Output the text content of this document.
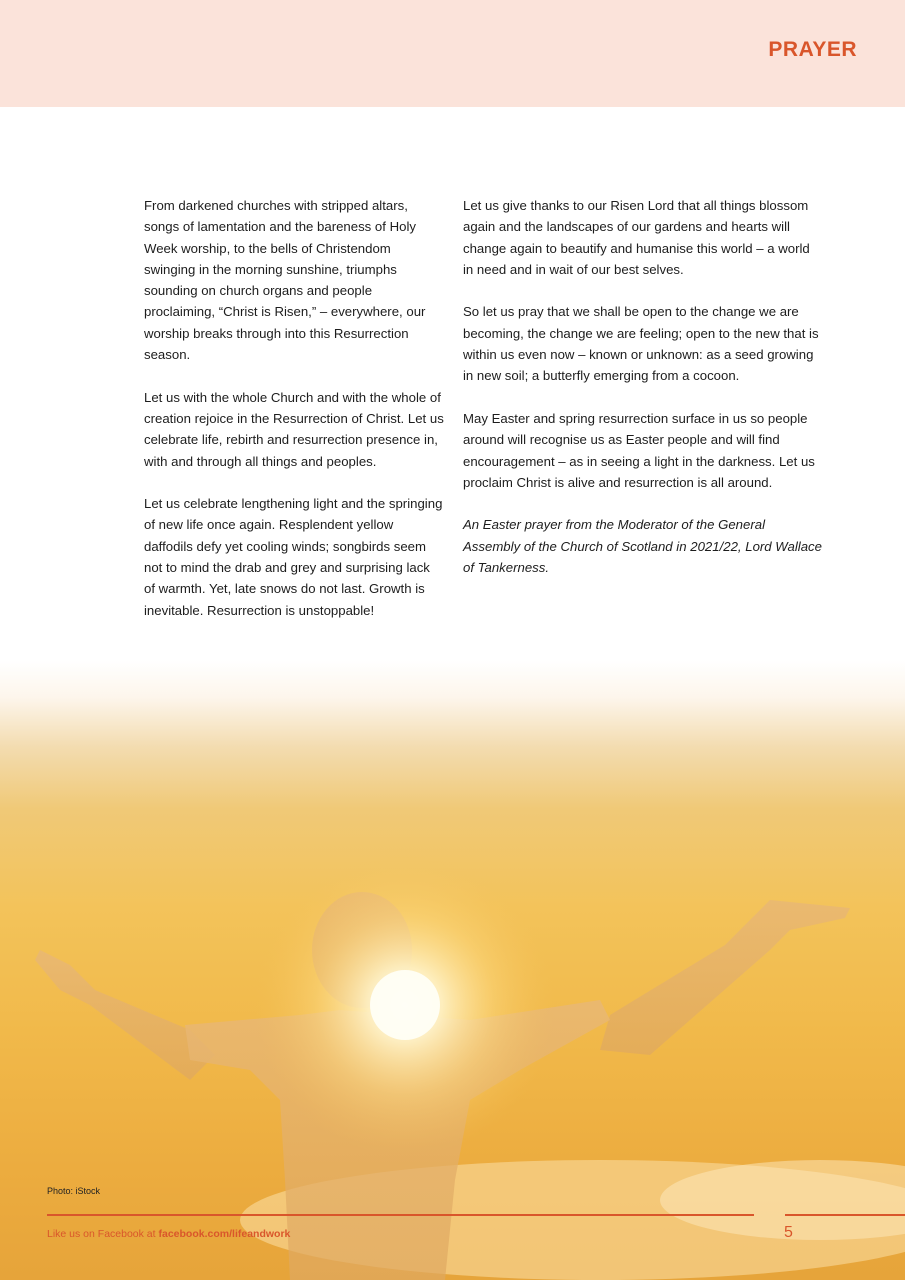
PRAYER

From darkened churches with stripped altars, songs of lamentation and the bareness of Holy Week worship, to the bells of Christendom swinging in the morning sunshine, triumphs sounding on church organs and people proclaiming, “Christ is Risen,” – everywhere, our worship breaks through into this Resurrection season.

Let us with the whole Church and with the whole of creation rejoice in the Resurrection of Christ. Let us celebrate life, rebirth and resurrection presence in, with and through all things and peoples.

Let us celebrate lengthening light and the springing of new life once again. Resplendent yellow daffodils defy yet cooling winds; songbirds seem not to mind the drab and grey and surprising lack of warmth. Yet, late snows do not last. Growth is inevitable. Resurrection is unstoppable!

Let us give thanks to our Risen Lord that all things blossom again and the landscapes of our gardens and hearts will change again to beautify and humanise this world – a world in need and in wait of our best selves.

So let us pray that we shall be open to the change we are becoming, the change we are feeling; open to the new that is within us even now – known or unknown: as a seed growing in new soil; a butterfly emerging from a cocoon.

May Easter and spring resurrection surface in us so people around will recognise us as Easter people and will find encouragement – as in seeing a light in the darkness. Let us proclaim Christ is alive and resurrection is all around.

An Easter prayer from the Moderator of the General Assembly of the Church of Scotland in 2021/22, Lord Wallace of Tankerness.

Photo: iStock
Like us on Facebook at facebook.com/lifeandwork	5
